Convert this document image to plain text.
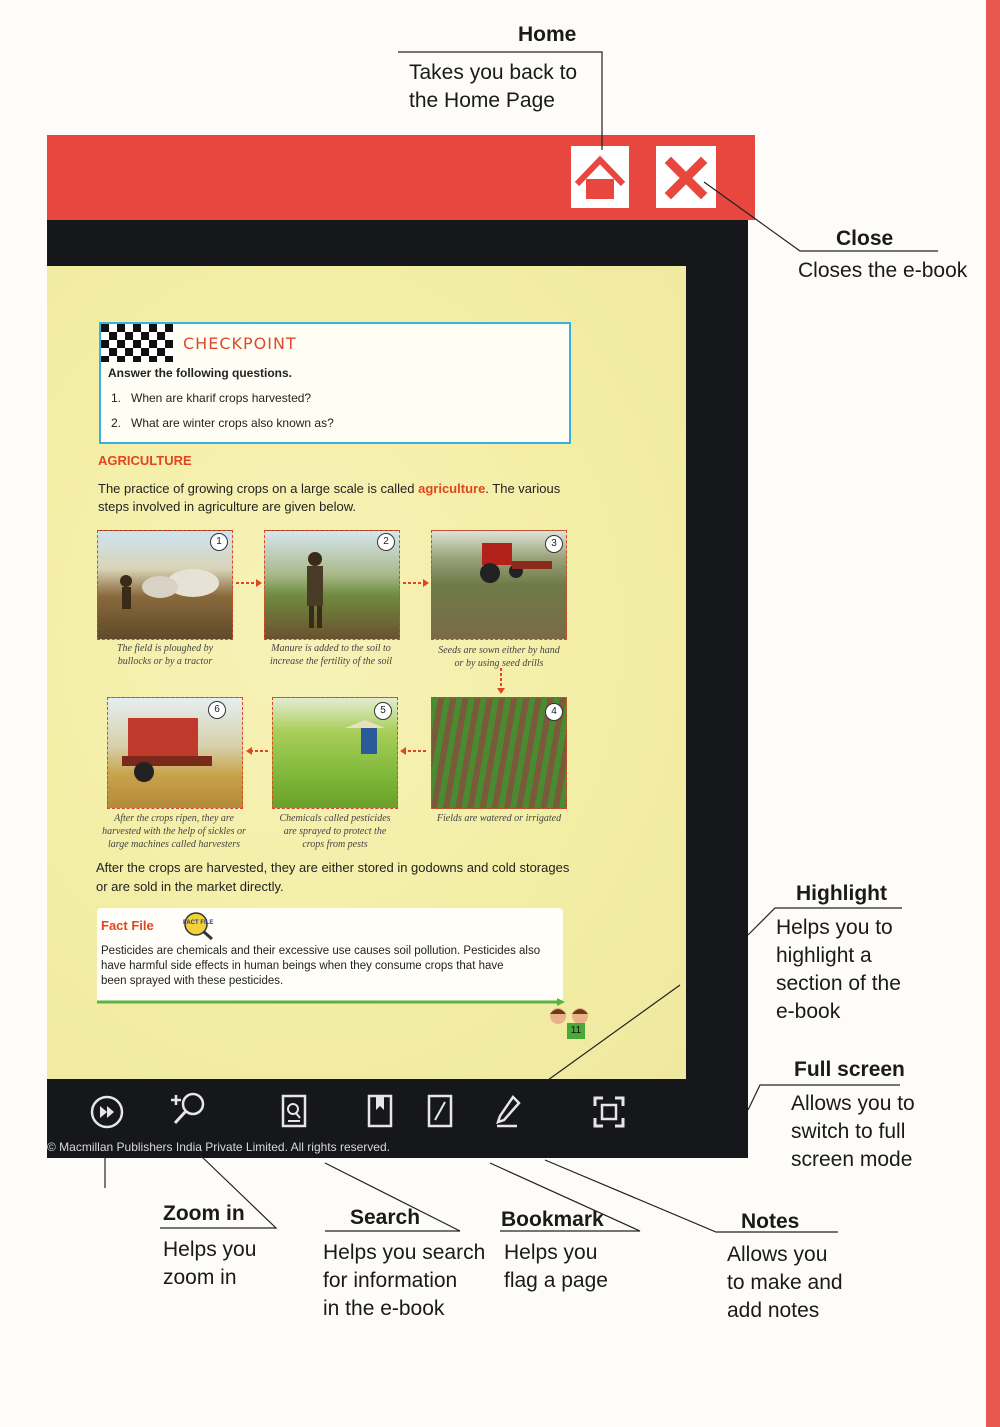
CHECKPOINT
Answer the following questions.
1. When are kharif crops harvested?
2. What are winter crops also known as?
AGRICULTURE
The practice of growing crops on a large scale is called agriculture. The various
steps involved in agriculture are given below.
1
The field is ploughed by
bullocks or by a tractor
2
Manure is added to the soil to
increase the fertility of the soil
3
Seeds are sown either by hand
or by using seed drills
4
Fields are watered or irrigated
5
Chemicals called pesticides
are sprayed to protect the
crops from pests
6
After the crops ripen, they are
harvested with the help of sickles or
large machines called harvesters
After the crops are harvested, they are either stored in godowns and cold storages
or are sold in the market directly.
Fact File	FACT FILE
Pesticides are chemicals and their excessive use causes soil pollution. Pesticides also
have harmful side effects in human beings when they consume crops that have
been sprayed with these pesticides.
11
© Macmillan Publishers India Private Limited. All rights reserved.
Home
Takes you back to
the Home Page
Close
Closes the e-book
Highlight
Helps you to
highlight a
section of the
e-book
Full screen
Allows you to
switch to full
screen mode
Zoom in
Helps you
zoom in
Search
Helps you search
for information
in the e-book
Bookmark
Helps you
flag a page
Notes
Allows you
to make and
add notes
